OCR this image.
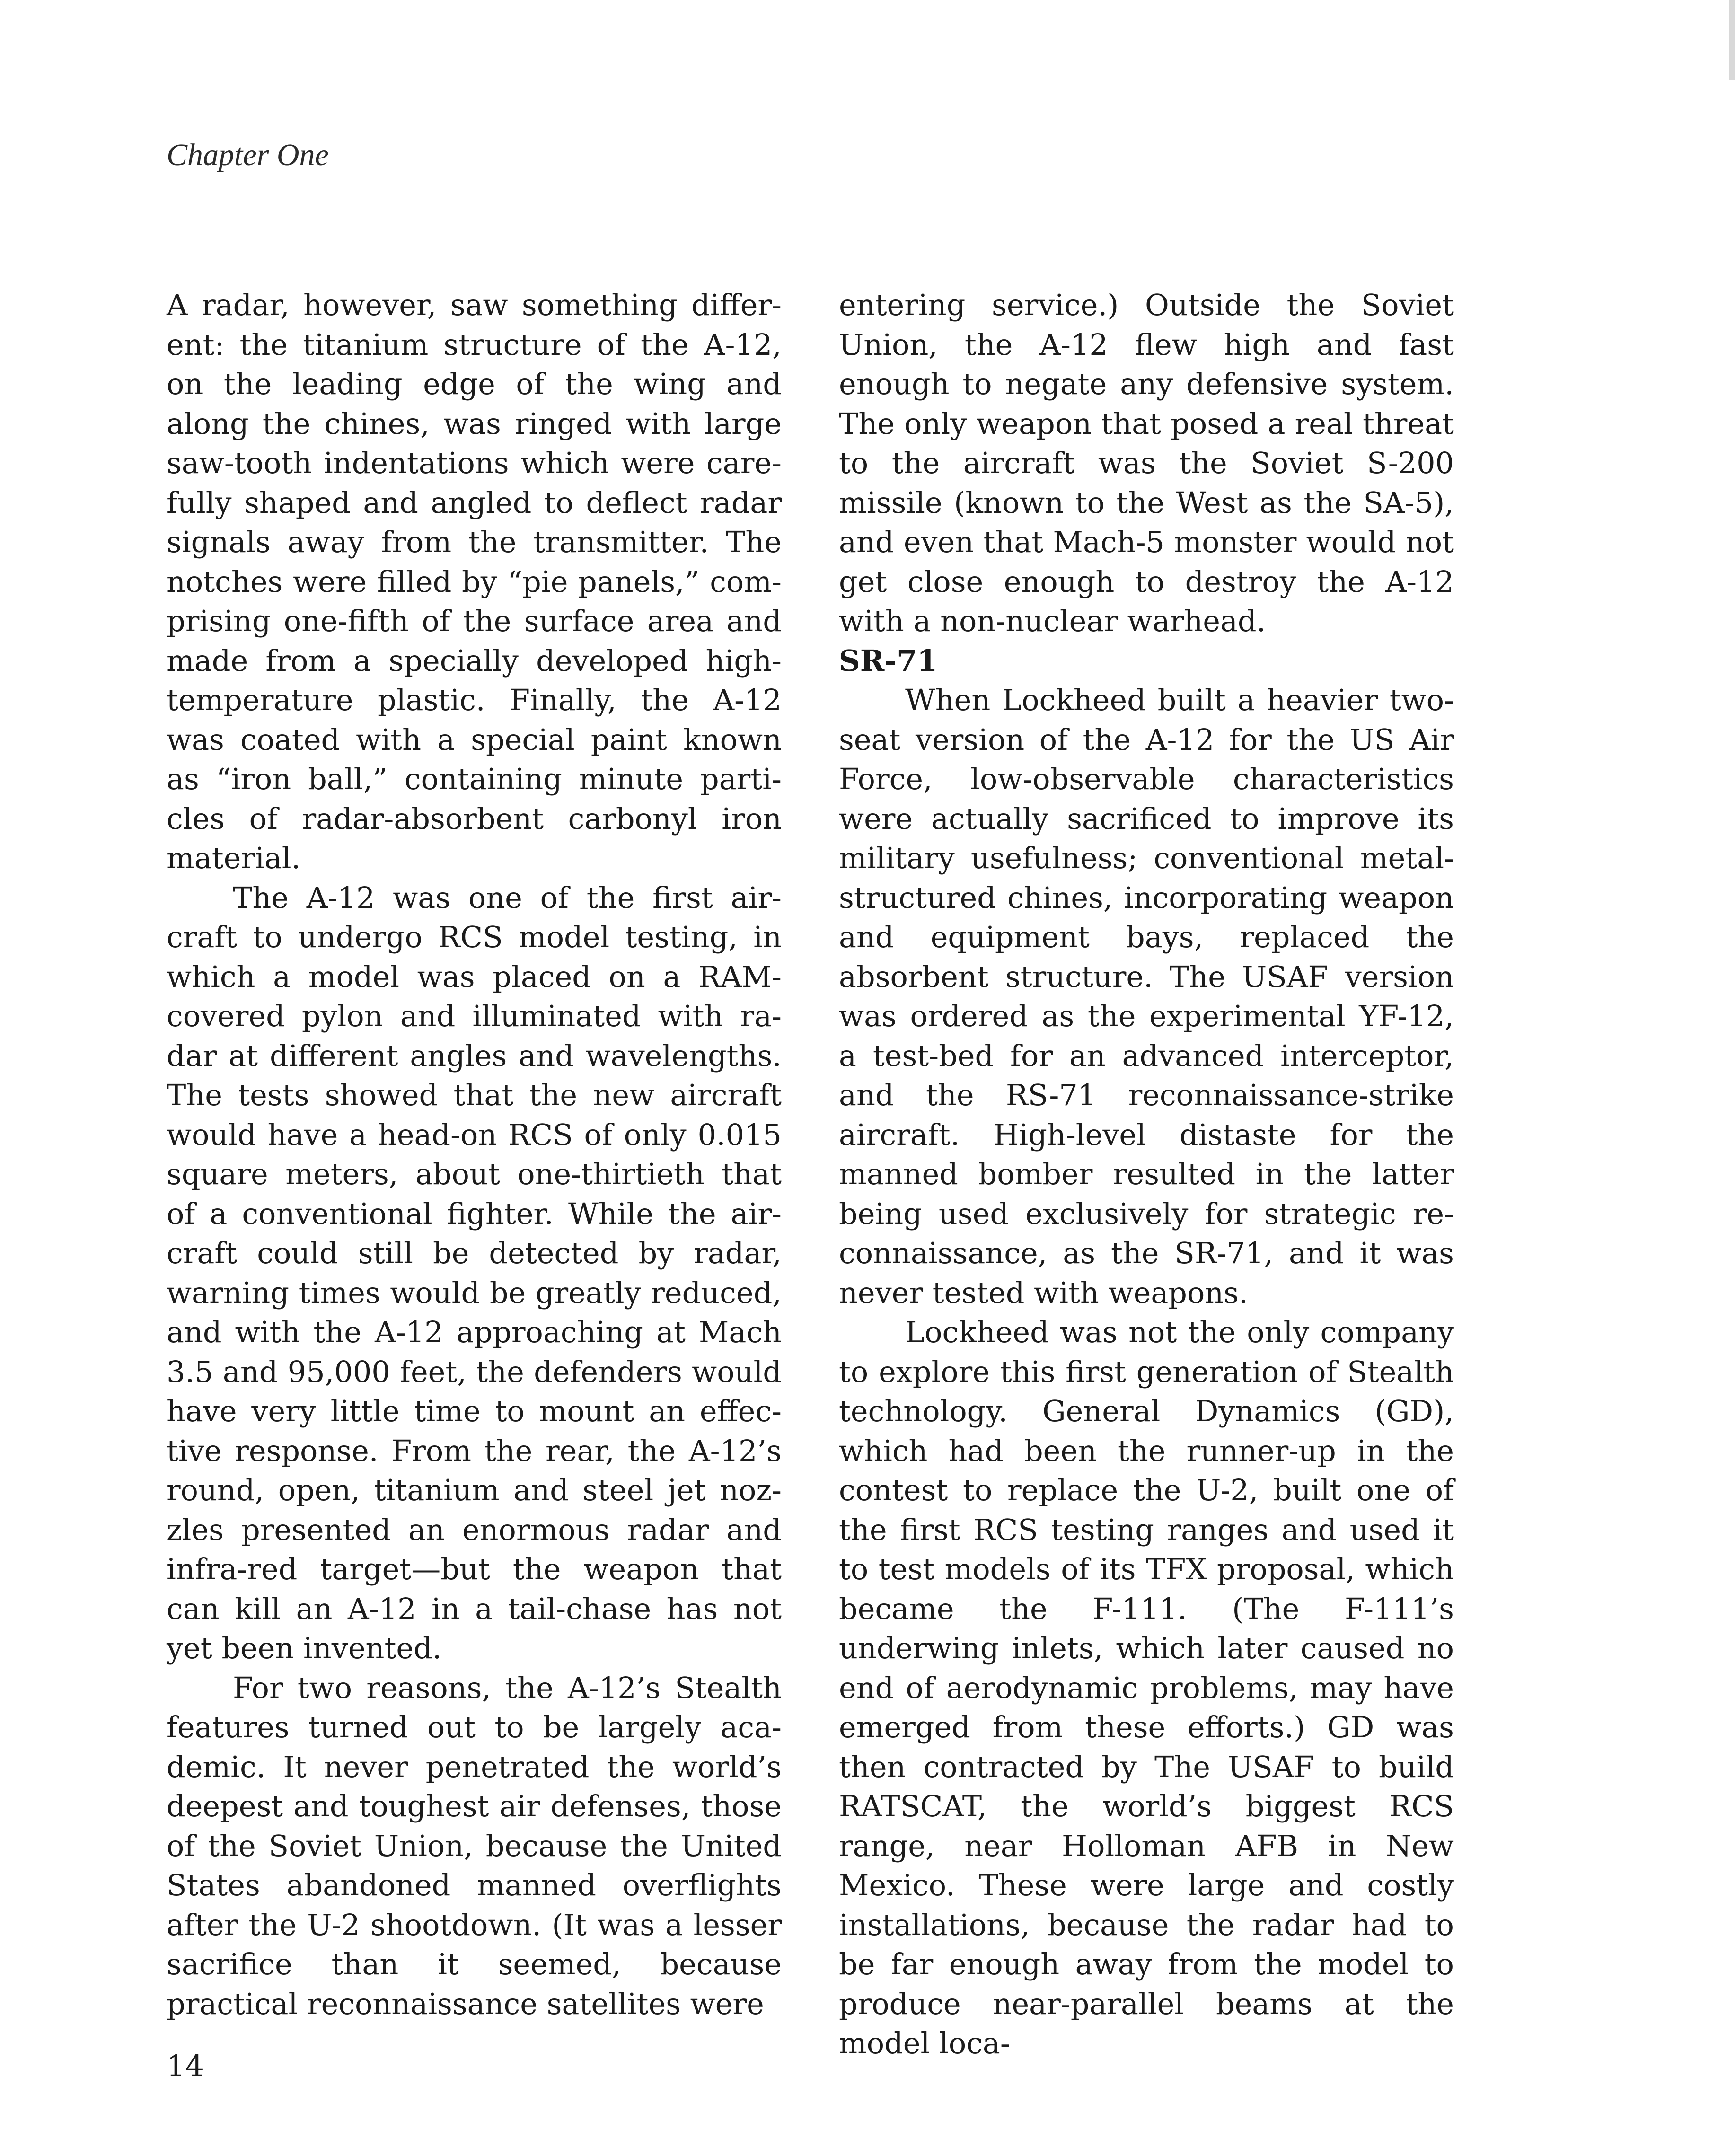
Chapter One

A radar, however, saw something different: the titanium structure of the A-12, on the leading edge of the wing and along the chines, was ringed with large saw-tooth indentations which were carefully shaped and angled to deflect radar signals away from the transmitter. The notches were filled by “pie panels,” comprising one-fifth of the surface area and made from a specially developed high-temperature plastic. Finally, the A-12 was coated with a special paint known as “iron ball,” containing minute particles of radar-absorbent carbonyl iron material.

The A-12 was one of the first aircraft to undergo RCS model testing, in which a model was placed on a RAM-covered pylon and illuminated with radar at different angles and wavelengths. The tests showed that the new aircraft would have a head-on RCS of only 0.015 square meters, about one-thirtieth that of a conventional fighter. While the aircraft could still be detected by radar, warning times would be greatly reduced, and with the A-12 approaching at Mach 3.5 and 95,000 feet, the defenders would have very little time to mount an effective response. From the rear, the A-12’s round, open, titanium and steel jet nozzles presented an enormous radar and infra-red target—but the weapon that can kill an A-12 in a tail-chase has not yet been invented.

For two reasons, the A-12’s Stealth features turned out to be largely academic. It never penetrated the world’s deepest and toughest air defenses, those of the Soviet Union, because the United States abandoned manned overflights after the U-2 shootdown. (It was a lesser sacrifice than it seemed, because practical reconnaissance satellites were

entering service.) Outside the Soviet Union, the A-12 flew high and fast enough to negate any defensive system. The only weapon that posed a real threat to the aircraft was the Soviet S-200 missile (known to the West as the SA-5), and even that Mach-5 monster would not get close enough to destroy the A-12 with a non-nuclear warhead.

SR-71

When Lockheed built a heavier two-seat version of the A-12 for the US Air Force, low-observable characteristics were actually sacrificed to improve its military usefulness; conventional metal-structured chines, incorporating weapon and equipment bays, replaced the absorbent structure. The USAF version was ordered as the experimental YF-12, a test-bed for an advanced interceptor, and the RS-71 reconnaissance-strike aircraft. High-level distaste for the manned bomber resulted in the latter being used exclusively for strategic reconnaissance, as the SR-71, and it was never tested with weapons.

Lockheed was not the only company to explore this first generation of Stealth technology. General Dynamics (GD), which had been the runner-up in the contest to replace the U-2, built one of the first RCS testing ranges and used it to test models of its TFX proposal, which became the F-111. (The F-111’s underwing inlets, which later caused no end of aerodynamic problems, may have emerged from these efforts.) GD was then contracted by The USAF to build RATSCAT, the world’s biggest RCS range, near Holloman AFB in New Mexico. These were large and costly installations, because the radar had to be far enough away from the model to produce near-parallel beams at the model loca-

14
